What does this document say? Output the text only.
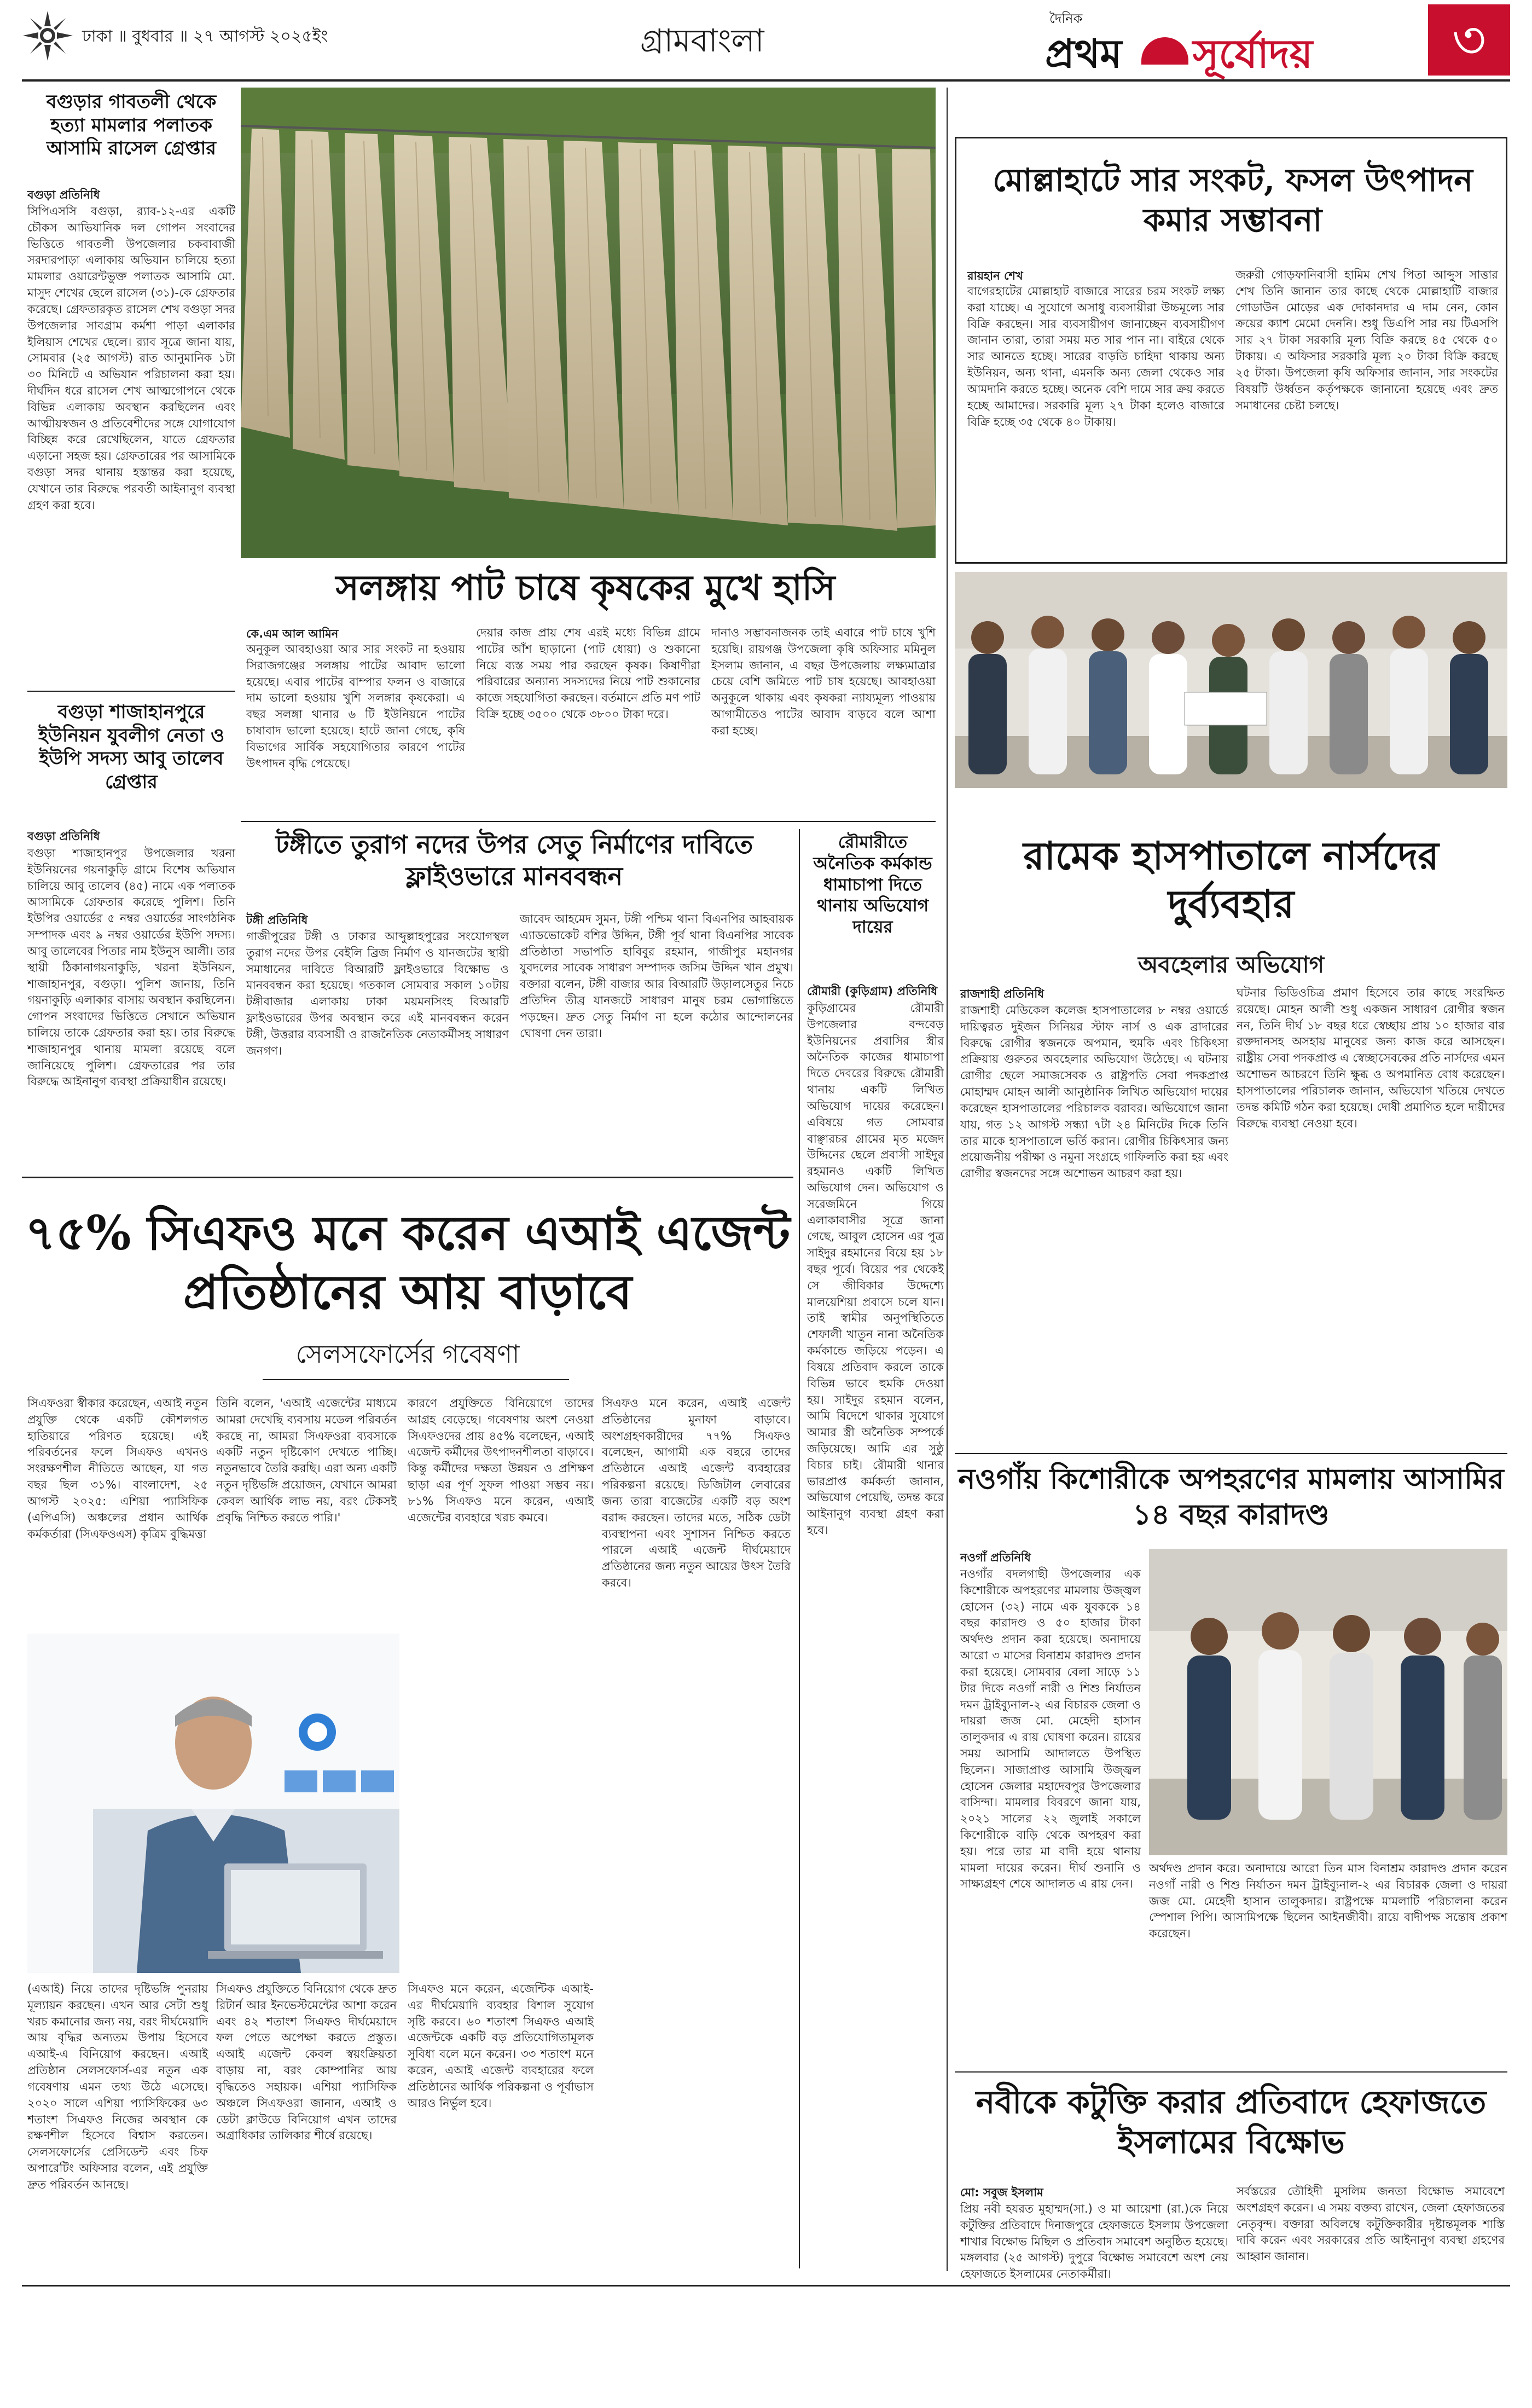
ঢাকা ॥ বুধবার ॥ ২৭ আগস্ট ২০২৫ইং	গ্রামবাংলা
দৈনিক
প্রথম সূর্যোদয়	৩
বগুড়ার গাবতলী থেকে হত্যা মামলার পলাতক আসামি রাসেল গ্রেপ্তার
বগুড়া প্রতিনিধি
সিপিএসসি বগুড়া, র‍্যাব-১২-এর একটি চৌকস আভিযানিক দল গোপন সংবাদের ভিত্তিতে গাবতলী উপজেলার চকবাবাজী সরদারপাড়া এলাকায় অভিযান চালিয়ে হত্যা মামলার ওয়ারেন্টভুক্ত পলাতক আসামি মো. মাসুদ শেখের ছেলে রাসেল (৩১)-কে গ্রেফতার করেছে। গ্রেফতারকৃত রাসেল শেখ বগুড়া সদর উপজেলার সাবগ্রাম কর্মশা পাড়া এলাকার ইলিয়াস শেখের ছেলে। র‍্যাব সূত্রে জানা যায়, সোমবার (২৫ আগস্ট) রাত আনুমানিক ১টা ৩০ মিনিটে এ অভিযান পরিচালনা করা হয়। দীর্ঘদিন ধরে রাসেল শেখ আত্মগোপনে থেকে বিভিন্ন এলাকায় অবস্থান করছিলেন এবং আত্মীয়স্বজন ও প্রতিবেশীদের সঙ্গে যোগাযোগ বিচ্ছিন্ন করে রেখেছিলেন, যাতে গ্রেফতার এড়ানো সহজ হয়। গ্রেফতারের পর আসামিকে বগুড়া সদর থানায় হস্তান্তর করা হয়েছে, যেখানে তার বিরুদ্ধে পরবর্তী আইনানুগ ব্যবস্থা গ্রহণ করা হবে।
বগুড়া শাজাহানপুরে ইউনিয়ন যুবলীগ নেতা ও ইউপি সদস্য আবু তালেব গ্রেপ্তার
বগুড়া প্রতিনিধি
বগুড়া শাজাহানপুর উপজেলার খরনা ইউনিয়নের গয়নাকুড়ি গ্রামে বিশেষ অভিযান চালিয়ে আবু তালেব (৪৫) নামে এক পলাতক আসামিকে গ্রেফতার করেছে পুলিশ। তিনি ইউপির ওয়ার্ডের ৫ নম্বর ওয়ার্ডের সাংগঠনিক সম্পাদক এবং ৯ নম্বর ওয়ার্ডের ইউপি সদস্য। আবু তালেবের পিতার নাম ইউনুস আলী। তার স্থায়ী ঠিকানাগয়নাকুড়ি, খরনা ইউনিয়ন, শাজাহানপুর, বগুড়া। পুলিশ জানায়, তিনি গয়নাকুড়ি এলাকার বাসায় অবস্থান করছিলেন। গোপন সংবাদের ভিত্তিতে সেখানে অভিযান চালিয়ে তাকে গ্রেফতার করা হয়। তার বিরুদ্ধে শাজাহানপুর থানায় মামলা রয়েছে বলে জানিয়েছে পুলিশ। গ্রেফতারের পর তার বিরুদ্ধে আইনানুগ ব্যবস্থা প্রক্রিয়াধীন রয়েছে।
সলঙ্গায় পাট চাষে কৃষকের মুখে হাসি
কে.এম আল আমিন
অনুকূল আবহাওয়া আর সার সংকট না হওয়ায় সিরাজগঞ্জের সলঙ্গায় পাটের আবাদ ভালো হয়েছে। এবার পাটের বাম্পার ফলন ও বাজারে দাম ভালো হওয়ায় খুশি সলঙ্গার কৃষকেরা। এ বছর সলঙ্গা থানার ৬ টি ইউনিয়নে পাটের চাষাবাদ ভালো হয়েছে। হাটে জানা গেছে, কৃষি বিভাগের সার্বিক সহযোগিতার কারণে পাটের উৎপাদন বৃদ্ধি পেয়েছে।
দেয়ার কাজ প্রায় শেষ এরই মধ্যে বিভিন্ন গ্রামে পাটের আঁশ ছাড়ানো (পাট ধোয়া) ও শুকানো নিয়ে ব্যস্ত সময় পার করছেন কৃষক। কিষাণীরা পরিবারের অন্যান্য সদস্যদের নিয়ে পাট শুকানোর কাজে সহযোগিতা করছেন। বর্তমানে প্রতি মণ পাট বিক্রি হচ্ছে ৩৫০০ থেকে ৩৮০০ টাকা দরে।
দানাও সম্ভাবনাজনক তাই এবারে পাট চাষে খুশি হয়েছি। রায়গঞ্জ উপজেলা কৃষি অফিসার মমিনুল ইসলাম জানান, এ বছর উপজেলায় লক্ষ্যমাত্রার চেয়ে বেশি জমিতে পাট চাষ হয়েছে। আবহাওয়া অনুকূলে থাকায় এবং কৃষকরা ন্যায্যমূল্য পাওয়ায় আগামীতেও পাটের আবাদ বাড়বে বলে আশা করা হচ্ছে।
টঙ্গীতে তুরাগ নদের উপর সেতু নির্মাণের দাবিতে ফ্লাইওভারে মানববন্ধন
টঙ্গী প্রতিনিধি
গাজীপুরের টঙ্গী ও ঢাকার আব্দুল্লাহপুরের সংযোগস্থল তুরাগ নদের উপর বেইলি ব্রিজ নির্মাণ ও যানজটের স্থায়ী সমাধানের দাবিতে বিআরটি ফ্লাইওভারে বিক্ষোভ ও মানববন্ধন করা হয়েছে। গতকাল সোমবার সকাল ১০টায় টঙ্গীবাজার এলাকায় ঢাকা ময়মনসিংহ বিআরটি ফ্লাইওভারের উপর অবস্থান করে এই মানববন্ধন করেন টঙ্গী, উত্তরার ব্যবসায়ী ও রাজনৈতিক নেতাকর্মীসহ সাধারণ জনগণ।
জাবেদ আহমেদ সুমন, টঙ্গী পশ্চিম থানা বিএনপির আহবায়ক এ্যাডভোকেট বশির উদ্দিন, টঙ্গী পূর্ব থানা বিএনপির সাবেক প্রতিষ্ঠাতা সভাপতি হাবিবুর রহমান, গাজীপুর মহানগর যুবদলের সাবেক সাধারণ সম্পাদক জসিম উদ্দিন খান প্রমুখ। বক্তারা বলেন, টঙ্গী বাজার আর বিআরটি উড়ালসেতুর নিচে প্রতিদিন তীব্র যানজটে সাধারণ মানুষ চরম ভোগান্তিতে পড়ছেন। দ্রুত সেতু নির্মাণ না হলে কঠোর আন্দোলনের ঘোষণা দেন তারা।
রৌমারীতে অনৈতিক কর্মকান্ড ধামাচাপা দিতে থানায় অভিযোগ দায়ের
রৌমারী (কুড়িগ্রাম) প্রতিনিধি
কুড়িগ্রামের রৌমারী উপজেলার বন্দবেড় ইউনিয়নের প্রবাসির স্ত্রীর অনৈতিক কাজের ধামাচাপা দিতে দেবরের বিরুদ্ধে রৌমারী থানায় একটি লিখিত অভিযোগ দায়ের করেছেন। এবিষয়ে গত সোমবার বাঞ্ছারচর গ্রামের মৃত মজেদ উদ্দিনের ছেলে প্রবাসী সাইদুর রহমানও একটি লিখিত অভিযোগ দেন। অভিযোগ ও সরেজমিনে গিয়ে এলাকাবাসীর সূত্রে জানা গেছে, আবুল হোসেন এর পুত্র সাইদুর রহমানের বিয়ে হয় ১৮ বছর পূর্বে। বিয়ের পর থেকেই সে জীবিকার উদ্দেশ্যে মালয়েশিয়া প্রবাসে চলে যান। তাই স্বামীর অনুপস্থিতিতে শেফালী খাতুন নানা অনৈতিক কর্মকান্ডে জড়িয়ে পড়েন। এ বিষয়ে প্রতিবাদ করলে তাকে বিভিন্ন ভাবে হুমকি দেওয়া হয়। সাইদুর রহমান বলেন, আমি বিদেশে থাকার সুযোগে আমার স্ত্রী অনৈতিক সম্পর্কে জড়িয়েছে। আমি এর সুষ্ঠু বিচার চাই। রৌমারী থানার ভারপ্রাপ্ত কর্মকর্তা জানান, অভিযোগ পেয়েছি, তদন্ত করে আইনানুগ ব্যবস্থা গ্রহণ করা হবে।
৭৫% সিএফও মনে করেন এআই এজেন্ট প্রতিষ্ঠানের আয় বাড়াবে
সেলসফোর্সের গবেষণা
সিএফওরা স্বীকার করেছেন, এআই নতুন প্রযুক্তি থেকে একটি কৌশলগত হাতিয়ারে পরিণত হয়েছে। এই পরিবর্তনের ফলে সিএফও এখনও সংরক্ষণশীল নীতিতে আছেন, যা গত বছর ছিল ৩১%। বাংলাদেশ, ২৫ আগস্ট ২০২৫: এশিয়া প্যাসিফিক (এপিএসি) অঞ্চলের প্রধান আর্থিক কর্মকর্তারা (সিএফওএস) কৃত্রিম বুদ্ধিমত্তা
তিনি বলেন, 'এআই এজেন্টের মাধ্যমে আমরা দেখেছি ব্যবসায় মডেল পরিবর্তন করছে না, আমরা সিএফওরা ব্যবসাকে একটি নতুন দৃষ্টিকোণ দেখতে পাচ্ছি। নতুনভাবে তৈরি করছি। এরা অন্য একটি নতুন দৃষ্টিভঙ্গি প্রয়োজন, যেখানে আমরা কেবল আর্থিক লাভ নয়, বরং টেকসই প্রবৃদ্ধি নিশ্চিত করতে পারি।'
কারণে প্রযুক্তিতে বিনিয়োগে তাদের আগ্রহ বেড়েছে। গবেষণায় অংশ নেওয়া সিএফওদের প্রায় ৪৫% বলেছেন, এআই এজেন্ট কর্মীদের উৎপাদনশীলতা বাড়াবে। কিন্তু কর্মীদের দক্ষতা উন্নয়ন ও প্রশিক্ষণ ছাড়া এর পূর্ণ সুফল পাওয়া সম্ভব নয়। ৮১% সিএফও মনে করেন, এআই এজেন্টের ব্যবহারে খরচ কমবে।
সিএফও মনে করেন, এআই এজেন্ট প্রতিষ্ঠানের মুনাফা বাড়াবে। অংশগ্রহণকারীদের ৭৭% সিএফও বলেছেন, আগামী এক বছরে তাদের প্রতিষ্ঠানে এআই এজেন্ট ব্যবহারের পরিকল্পনা রয়েছে। ডিজিটাল লেবারের জন্য তারা বাজেটের একটি বড় অংশ বরাদ্দ করছেন। তাদের মতে, সঠিক ডেটা ব্যবস্থাপনা এবং সুশাসন নিশ্চিত করতে পারলে এআই এজেন্ট দীর্ঘমেয়াদে প্রতিষ্ঠানের জন্য নতুন আয়ের উৎস তৈরি করবে।
(এআই) নিয়ে তাদের দৃষ্টিভঙ্গি পুনরায় মূল্যায়ন করছেন। এখন আর সেটা শুধু খরচ কমানোর জন্য নয়, বরং দীর্ঘমেয়াদি আয় বৃদ্ধির অন্যতম উপায় হিসেবে এআই-এ বিনিয়োগ করছেন। এআই প্রতিষ্ঠান সেলসফোর্স-এর নতুন এক গবেষণায় এমন তথ্য উঠে এসেছে। ২০২০ সালে এশিয়া প্যাসিফিকের ৬৩ শতাংশ সিএফও নিজের অবস্থান কে রক্ষণশীল হিসেবে বিশ্বাস করতেন। সেলসফোর্সের প্রেসিডেন্ট এবং চিফ অপারেটিং অফিসার বলেন, এই প্রযুক্তি দ্রুত পরিবর্তন আনছে।
সিএফও প্রযুক্তিতে বিনিয়োগ থেকে দ্রুত রিটার্ন আর ইনভেস্টমেন্টের আশা করেন এবং ৪২ শতাংশ সিএফও দীর্ঘমেয়াদে ফল পেতে অপেক্ষা করতে প্রস্তুত। এআই এজেন্ট কেবল স্বয়ংক্রিয়তা বাড়ায় না, বরং কোম্পানির আয় বৃদ্ধিতেও সহায়ক। এশিয়া প্যাসিফিক অঞ্চলে সিএফওরা জানান, এআই ও ডেটা ক্লাউডে বিনিয়োগ এখন তাদের অগ্রাধিকার তালিকার শীর্ষে রয়েছে।
সিএফও মনে করেন, এজেন্টিক এআই-এর দীর্ঘমেয়াদি ব্যবহার বিশাল সুযোগ সৃষ্টি করবে। ৬০ শতাংশ সিএফও এআই এজেন্টকে একটি বড় প্রতিযোগিতামূলক সুবিধা বলে মনে করেন। ৩৩ শতাংশ মনে করেন, এআই এজেন্ট ব্যবহারের ফলে প্রতিষ্ঠানের আর্থিক পরিকল্পনা ও পূর্বাভাস আরও নির্ভুল হবে।
মোল্লাহাটে সার সংকট, ফসল উৎপাদন কমার সম্ভাবনা
রায়হান শেখ
বাগেরহাটের মোল্লাহাট বাজারে সারের চরম সংকট লক্ষ্য করা যাচ্ছে। এ সুযোগে অসাধু ব্যবসায়ীরা উচ্চমূল্যে সার বিক্রি করছেন। সার ব্যবসায়ীগণ জানাচ্ছেন ব্যবসায়ীগণ জানান তারা, তারা সময় মত সার পান না। বাইরে থেকে সার আনতে হচ্ছে। সারের বাড়তি চাহিদা থাকায় অন্য ইউনিয়ন, অন্য থানা, এমনকি অন্য জেলা থেকেও সার আমদানি করতে হচ্ছে। অনেক বেশি দামে সার ক্রয় করতে হচ্ছে আমাদের। সরকারি মূল্য ২৭ টাকা হলেও বাজারে বিক্রি হচ্ছে ৩৫ থেকে ৪০ টাকায়।
জরুরী গোড়ফানিবাসী হামিম শেখ পিতা আব্দুস সাত্তার শেখ তিনি জানান তার কাছে থেকে মোল্লাহাটি বাজার গোডাউন মোড়ের এক দোকানদার এ দাম নেন, কোন ক্রয়ের ক্যাশ মেমো দেননি। শুধু ডিএপি সার নয় টিএসপি সার ২৭ টাকা সরকারি মূল্য বিক্রি করছে ৪৫ থেকে ৫০ টাকায়। এ অফিসার সরকারি মূল্য ২০ টাকা বিক্রি করছে ২৫ টাকা। উপজেলা কৃষি অফিসার জানান, সার সংকটের বিষয়টি উর্ধ্বতন কর্তৃপক্ষকে জানানো হয়েছে এবং দ্রুত সমাধানের চেষ্টা চলছে।
রামেক হাসপাতালে নার্সদের দুর্ব্যবহার
অবহেলার অভিযোগ
রাজশাহী প্রতিনিধি
রাজশাহী মেডিকেল কলেজ হাসপাতালের ৮ নম্বর ওয়ার্ডে দায়িত্বরত দুইজন সিনিয়র স্টাফ নার্স ও এক ব্রাদারের বিরুদ্ধে রোগীর স্বজনকে অপমান, হুমকি এবং চিকিৎসা প্রক্রিয়ায় গুরুতর অবহেলার অভিযোগ উঠেছে। এ ঘটনায় রোগীর ছেলে সমাজসেবক ও রাষ্ট্রপতি সেবা পদকপ্রাপ্ত মোহাম্মদ মোহন আলী আনুষ্ঠানিক লিখিত অভিযোগ দায়ের করেছেন হাসপাতালের পরিচালক বরাবর। অভিযোগে জানা যায়, গত ১২ আগস্ট সন্ধ্যা ৭টা ২৪ মিনিটের দিকে তিনি তার মাকে হাসপাতালে ভর্তি করান। রোগীর চিকিৎসার জন্য প্রয়োজনীয় পরীক্ষা ও নমুনা সংগ্রহে গাফিলতি করা হয় এবং রোগীর স্বজনদের সঙ্গে অশোভন আচরণ করা হয়।
ঘটনার ভিডিওচিত্র প্রমাণ হিসেবে তার কাছে সংরক্ষিত রয়েছে। মোহন আলী শুধু একজন সাধারণ রোগীর স্বজন নন, তিনি দীর্ঘ ১৮ বছর ধরে স্বেচ্ছায় প্রায় ১০ হাজার বার রক্তদানসহ অসহায় মানুষের জন্য কাজ করে আসছেন। রাষ্ট্রীয় সেবা পদকপ্রাপ্ত এ স্বেচ্ছাসেবকের প্রতি নার্সদের এমন অশোভন আচরণে তিনি ক্ষুব্ধ ও অপমানিত বোধ করেছেন। হাসপাতালের পরিচালক জানান, অভিযোগ খতিয়ে দেখতে তদন্ত কমিটি গঠন করা হয়েছে। দোষী প্রমাণিত হলে দায়ীদের বিরুদ্ধে ব্যবস্থা নেওয়া হবে।
নওগাঁয় কিশোরীকে অপহরণের মামলায় আসামির ১৪ বছর কারাদণ্ড
নওগাঁ প্রতিনিধি
নওগাঁর বদলগাছী উপজেলার এক কিশোরীকে অপহরণের মামলায় উজ্জ্বল হোসেন (৩২) নামে এক যুবককে ১৪ বছর কারাদণ্ড ও ৫০ হাজার টাকা অর্থদণ্ড প্রদান করা হয়েছে। অনাদায়ে আরো ৩ মাসের বিনাশ্রম কারাদণ্ড প্রদান করা হয়েছে। সোমবার বেলা সাড়ে ১১ টার দিকে নওগাঁ নারী ও শিশু নির্যাতন দমন ট্রাইব্যুনাল-২ এর বিচারক জেলা ও দায়রা জজ মো. মেহেদী হাসান তালুকদার এ রায় ঘোষণা করেন। রায়ের সময় আসামি আদালতে উপস্থিত ছিলেন। সাজাপ্রাপ্ত আসামি উজ্জ্বল হোসেন জেলার মহাদেবপুর উপজেলার বাসিন্দা। মামলার বিবরণে জানা যায়, ২০২১ সালের ২২ জুলাই সকালে কিশোরীকে বাড়ি থেকে অপহরণ করা হয়। পরে তার মা বাদী হয়ে থানায় মামলা দায়ের করেন। দীর্ঘ শুনানি ও সাক্ষ্যগ্রহণ শেষে আদালত এ রায় দেন।
অর্থদণ্ড প্রদান করে। অনাদায়ে আরো তিন মাস বিনাশ্রম কারাদণ্ড প্রদান করেন নওগাঁ নারী ও শিশু নির্যাতন দমন ট্রাইব্যুনাল-২ এর বিচারক জেলা ও দায়রা জজ মো. মেহেদী হাসান তালুকদার। রাষ্ট্রপক্ষে মামলাটি পরিচালনা করেন স্পেশাল পিপি। আসামিপক্ষে ছিলেন আইনজীবী। রায়ে বাদীপক্ষ সন্তোষ প্রকাশ করেছেন।
নবীকে কটুক্তি করার প্রতিবাদে হেফাজতে ইসলামের বিক্ষোভ
মো: সবুজ ইসলাম
প্রিয় নবী হযরত মুহাম্মদ(সা.) ও মা আয়েশা (রা.)কে নিয়ে কটুক্তির প্রতিবাদে দিনাজপুরে হেফাজতে ইসলাম উপজেলা শাখার বিক্ষোভ মিছিল ও প্রতিবাদ সমাবেশ অনুষ্ঠিত হয়েছে। মঙ্গলবার (২৫ আগস্ট) দুপুরে বিক্ষোভ সমাবেশে অংশ নেয় হেফাজতে ইসলামের নেতাকর্মীরা।
সর্বস্তরের তৌহিদী মুসলিম জনতা বিক্ষোভ সমাবেশে অংশগ্রহণ করেন। এ সময় বক্তব্য রাখেন, জেলা হেফাজতের নেতৃবৃন্দ। বক্তারা অবিলম্বে কটুক্তিকারীর দৃষ্টান্তমূলক শাস্তি দাবি করেন এবং সরকারের প্রতি আইনানুগ ব্যবস্থা গ্রহণের আহ্বান জানান।
